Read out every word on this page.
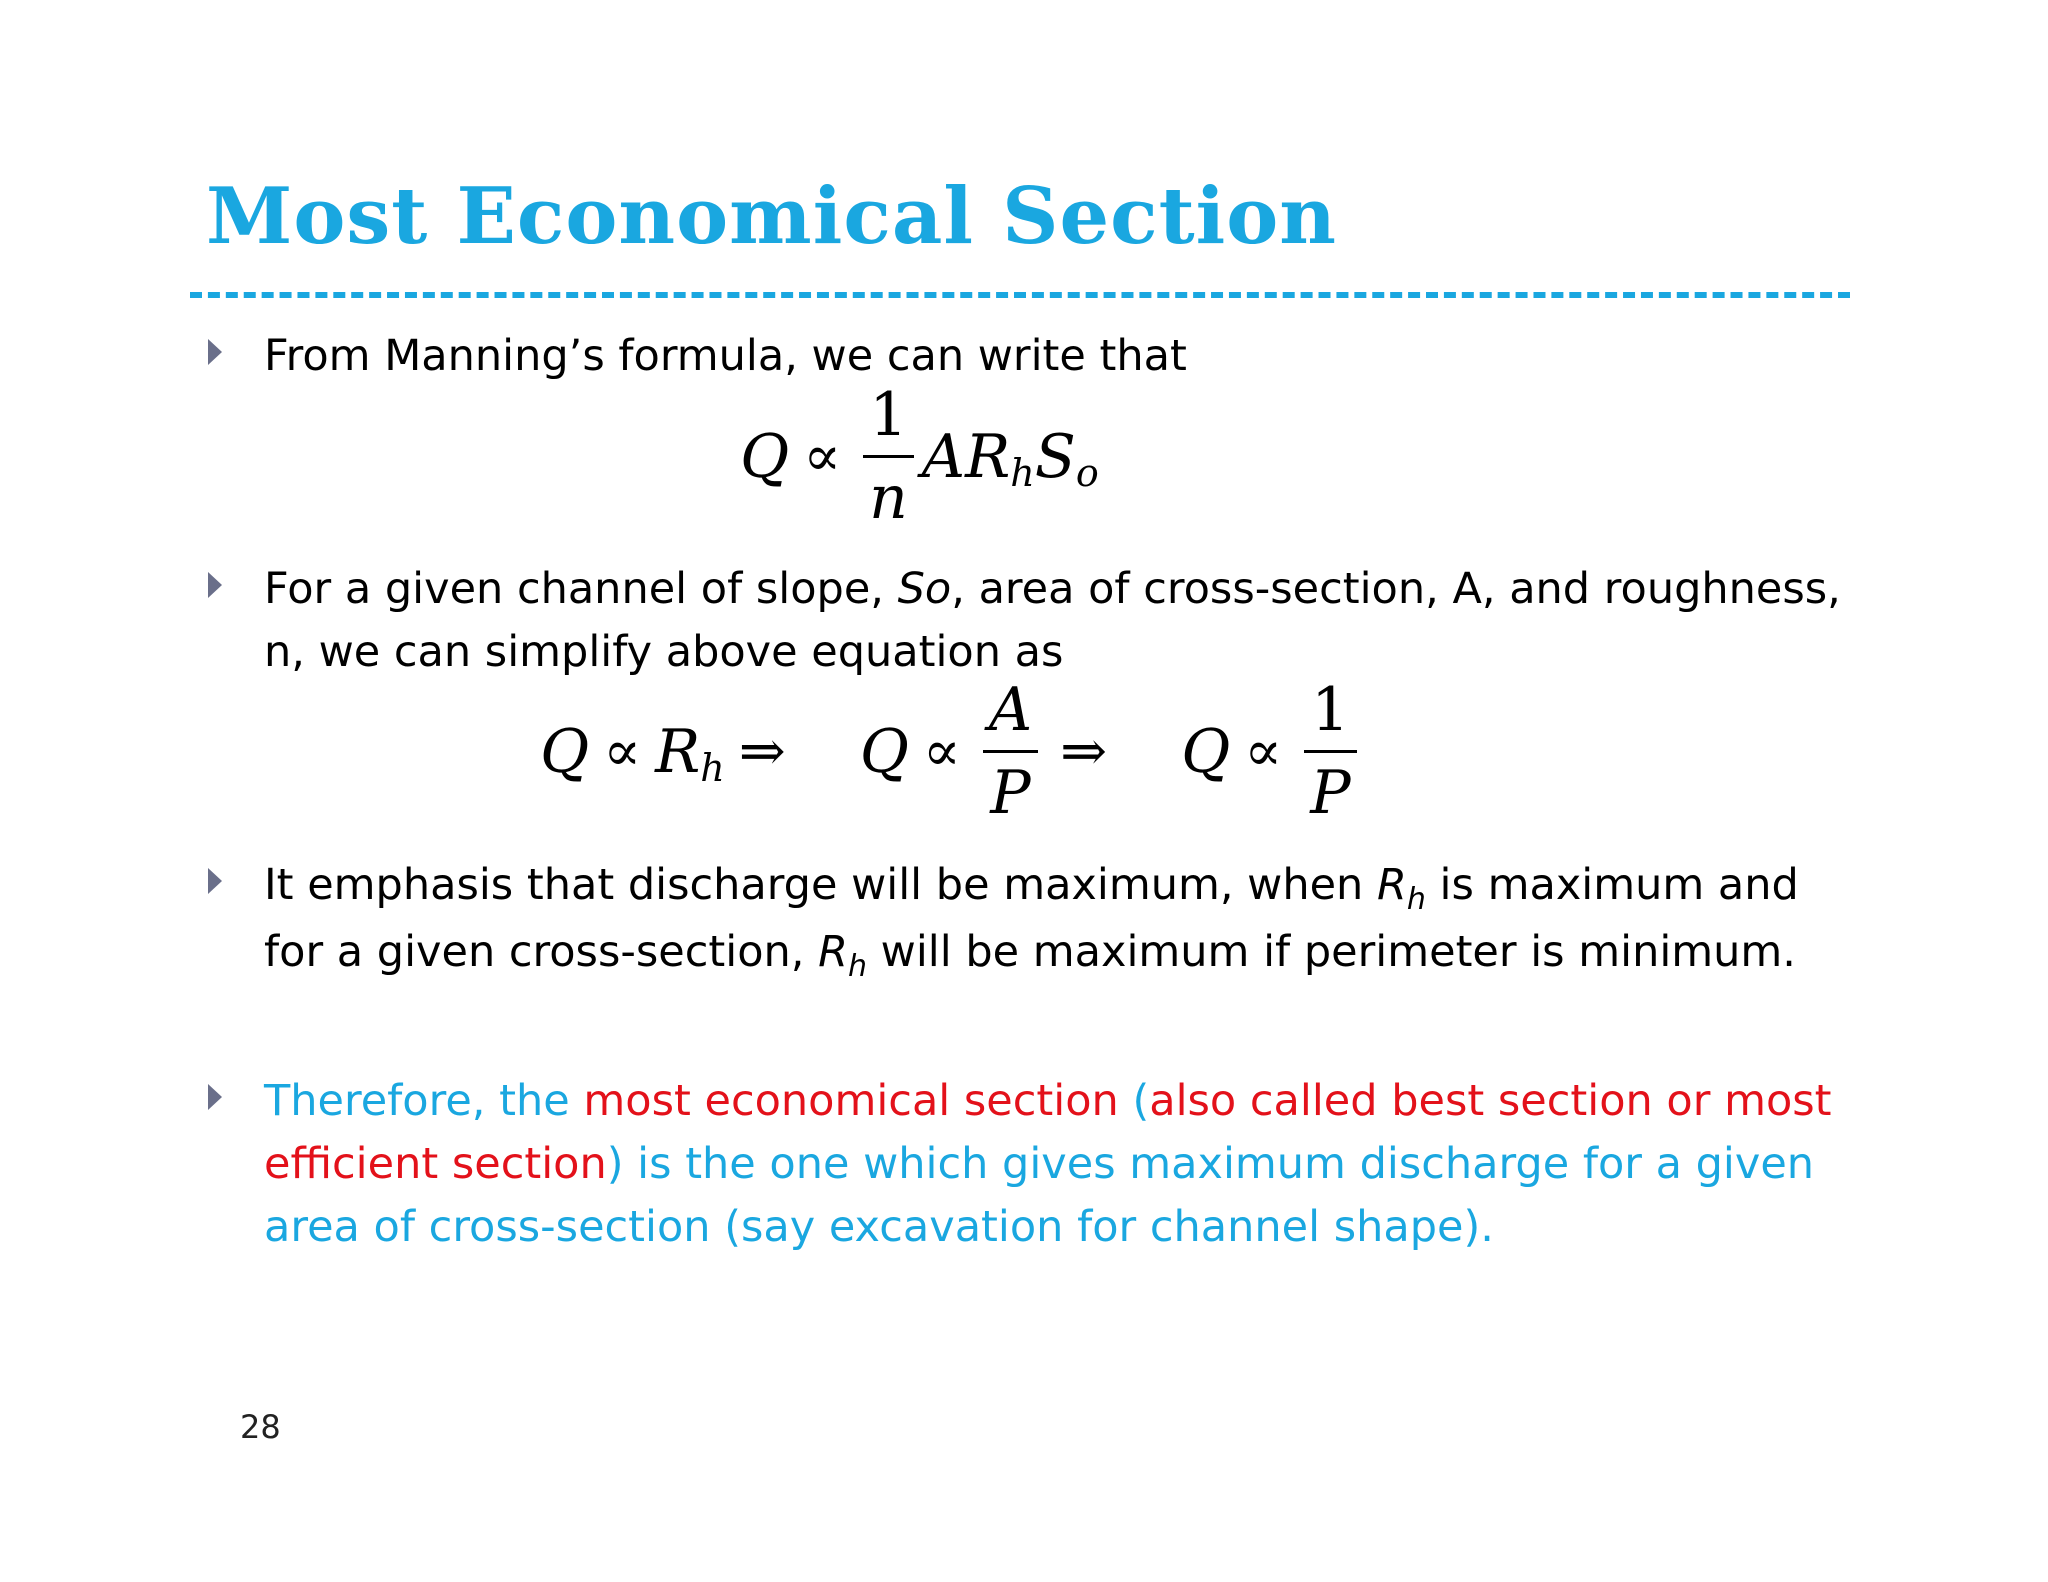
Most Economical Section
From Manning’s formula, we can write that
$Q \propto \frac{1}{n}$ A R h S o
For a given channel of slope, So, area of cross-section, A, and roughness, n, we can simplify above equation as
Q ∝ R h ⇒ $Q \propto \frac{A}{P}$ ⇒ $Q \propto \frac{1}{P}$
It emphasis that discharge will be maximum, when $R_h$ is maximum and for a given cross-section, $R_h$ will be maximum if perimeter is minimum.
Therefore, the most economical section (also called best section or most efficient section) is the one which gives maximum discharge for a given area of cross-section (say excavation for channel shape).
28
